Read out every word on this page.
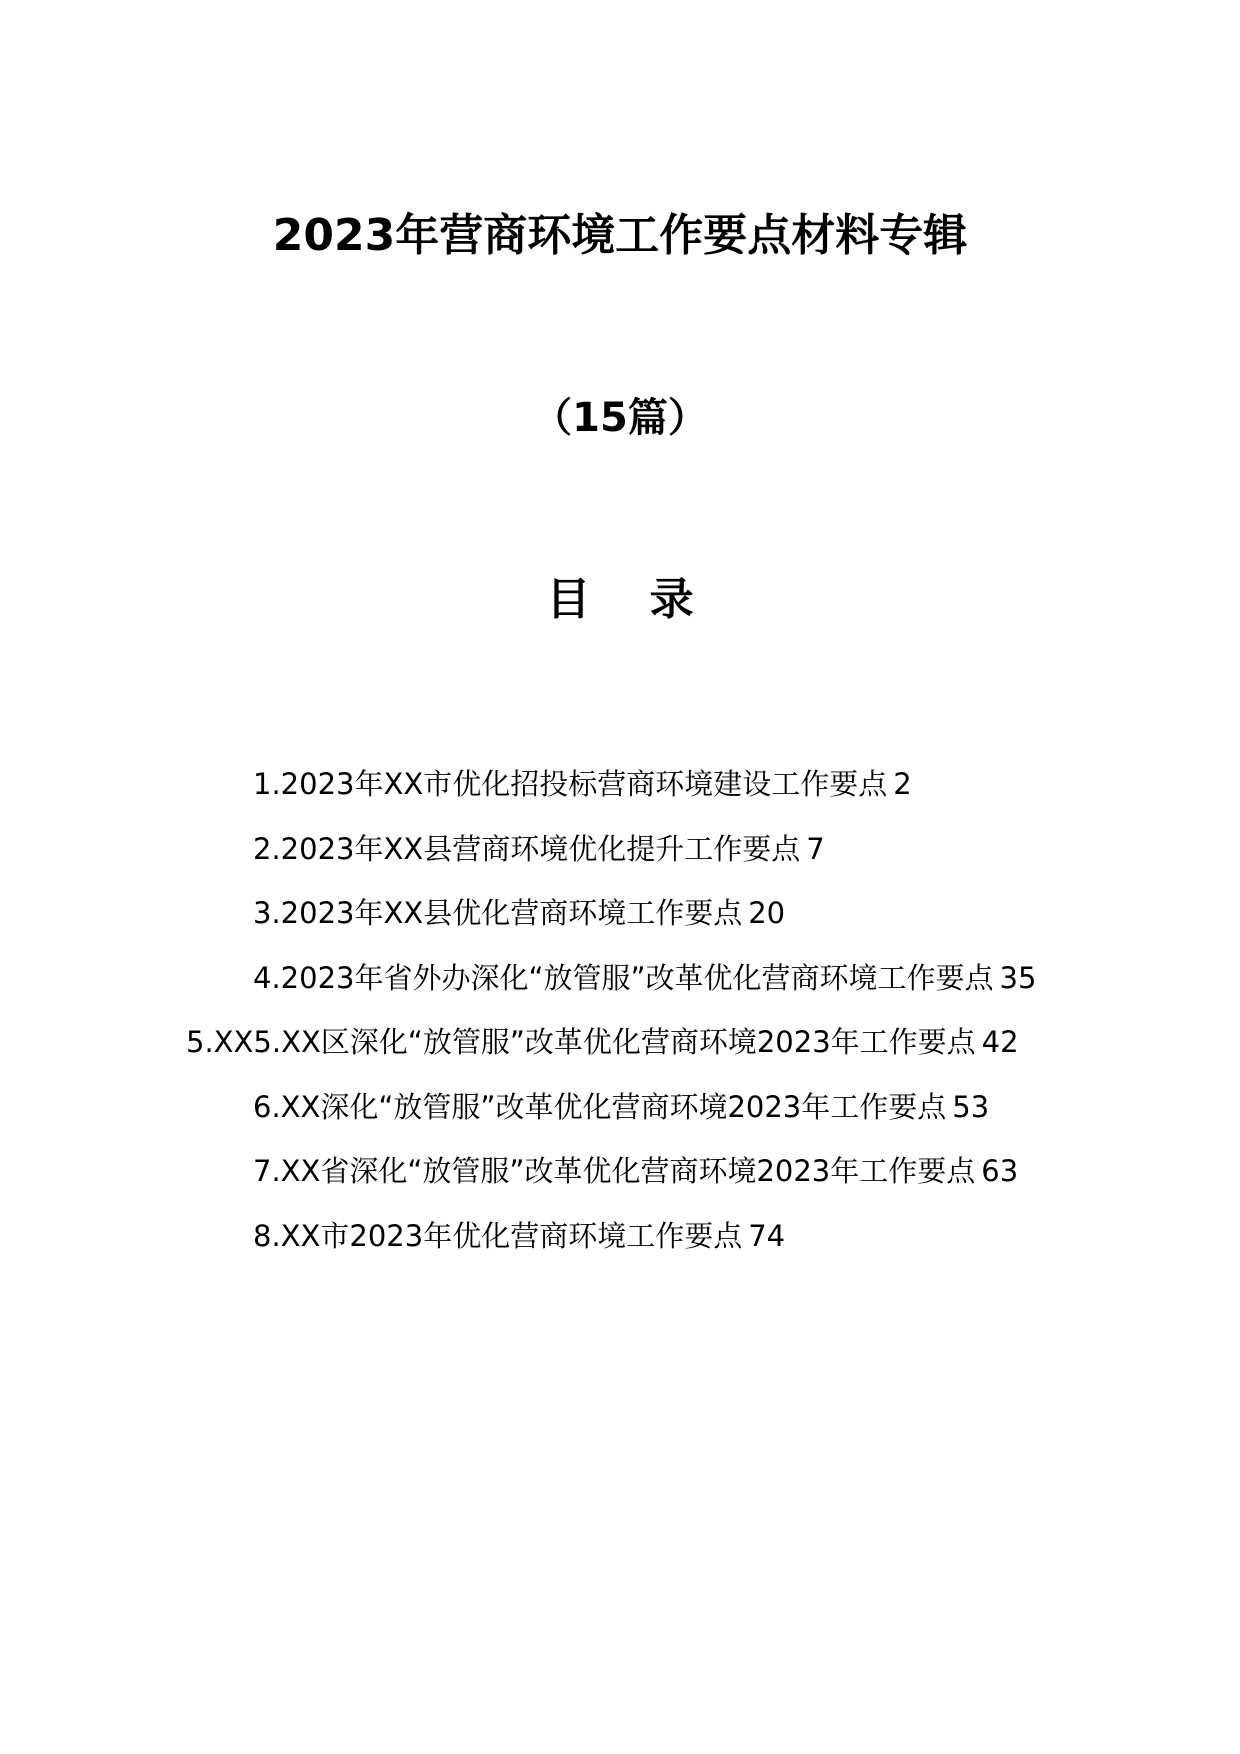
2023年营商环境工作要点材料专辑
（15篇）
目 录

1.2023年XX市优化招投标营商环境建设工作要点 2

2.2023年XX县营商环境优化提升工作要点 7

3.2023年XX县优化营商环境工作要点 20

4.2023年省外办深化“放管服”改革优化营商环境工作要点 35

5.XX5.XX区深化“放管服”改革优化营商环境2023年工作要点 42

6.XX深化“放管服”改革优化营商环境2023年工作要点 53

7.XX省深化“放管服”改革优化营商环境2023年工作要点 63

8.XX市2023年优化营商环境工作要点 74
